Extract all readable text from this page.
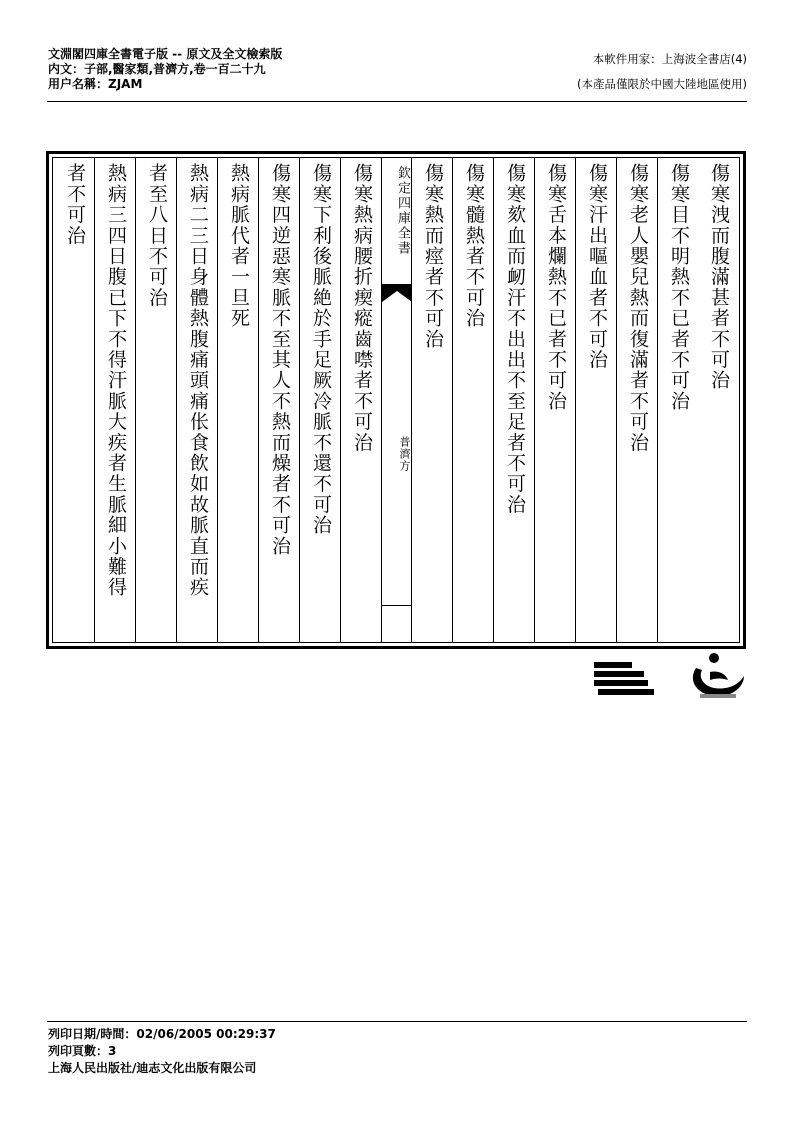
文淵閣四庫全書電子版 -- 原文及全文檢索版
内文：子部,醫家類,普濟方,卷一百二十九
用户名稱：ZJAM
本軟件用家：上海波全書店(4)
(本產品僅限於中國大陸地區使用)
傷寒洩而腹滿甚者不可治
傷寒目不明熱不已者不可治
傷寒老人嬰兒熱而復滿者不可治
傷寒汗出嘔血者不可治
傷寒舌本爛熱不已者不可治
傷寒欬血而衂汗不出出不至足者不可治
傷寒髓熱者不可治
傷寒熱而痙者不可治
欽定四庫全書
普濟方
傷寒熱病腰折瘈瘲齒噤者不可治
傷寒下利後脈絶於手足厥冷脈不還不可治
傷寒四逆惡寒脈不至其人不熱而燥者不可治
熱病脈代者一旦死
熱病二三日身體熱腹痛頭痛伥食飲如故脈直而疾
者至八日不可治
熱病三四日腹已下不得汗脈大疾者生脈細小難得
者不可治
列印日期/時間：02/06/2005 00:29:37
列印頁數：3
上海人民出版社/迪志文化出版有限公司
